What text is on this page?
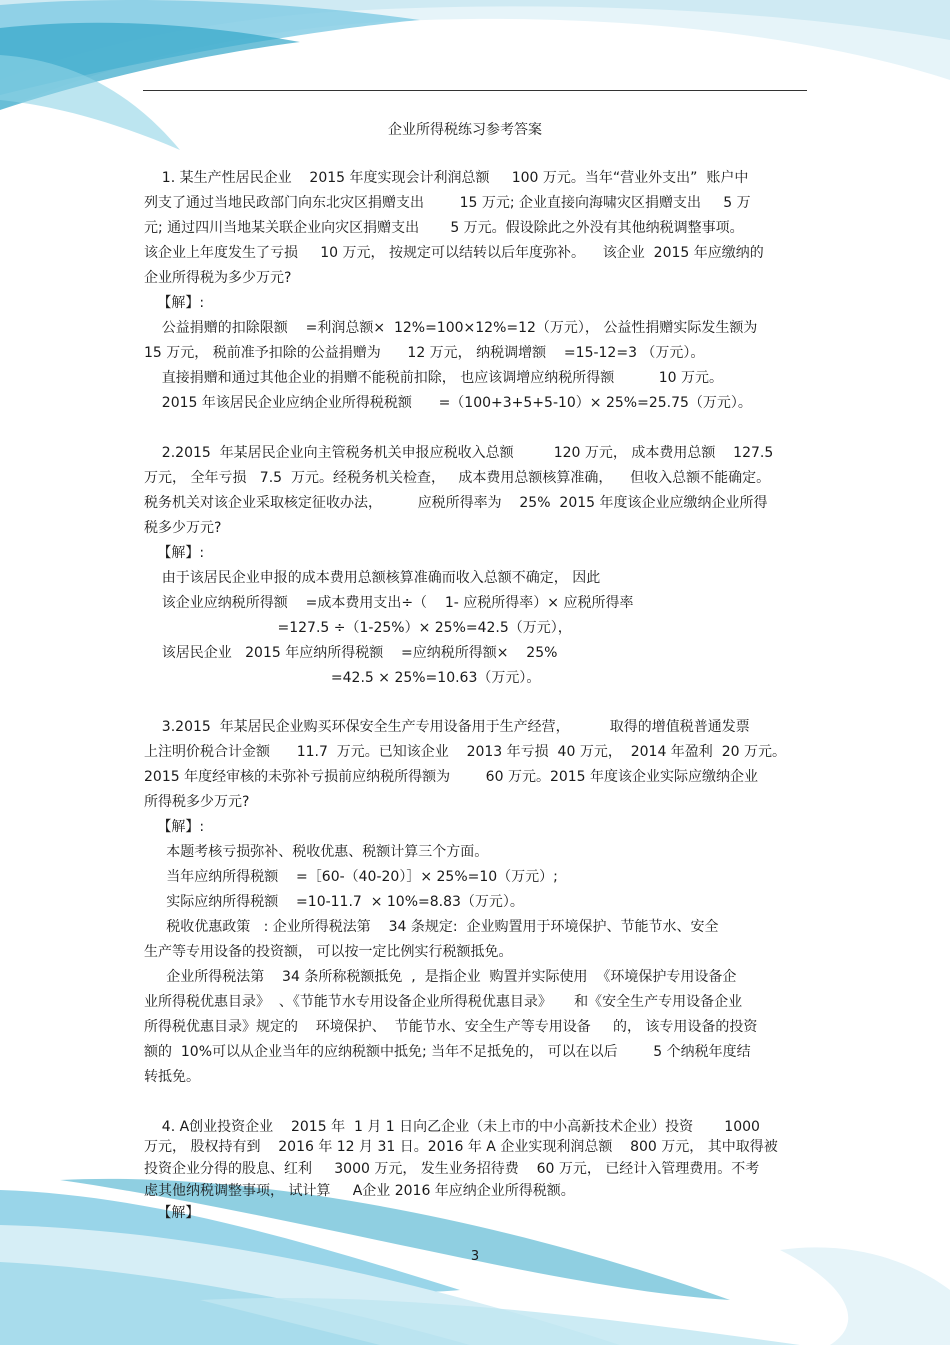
企业所得税练习参考答案
1. 某生产性居民企业    2015 年度实现会计利润总额     100 万元。当年“营业外支出”  账户中
列支了通过当地民政部门向东北灾区捐赠支出        15 万元; 企业直接向海啸灾区捐赠支出     5 万
元; 通过四川当地某关联企业向灾区捐赠支出       5 万元。假设除此之外没有其他纳税调整事项。
该企业上年度发生了亏损     10 万元， 按规定可以结转以后年度弥补。    该企业  2015 年应缴纳的
企业所得税为多少万元?
【解】:
公益捐赠的扣除限额    =利润总额×  12%=100×12%=12（万元）， 公益性捐赠实际发生额为
15 万元， 税前准予扣除的公益捐赠为      12 万元， 纳税调增额    =15-12=3 （万元）。
直接捐赠和通过其他企业的捐赠不能税前扣除， 也应该调增应纳税所得额          10 万元。
2015 年该居民企业应纳企业所得税税额      =（100+3+5+5-10）× 25%=25.75（万元）。
2.2015  年某居民企业向主管税务机关申报应税收入总额         120 万元， 成本费用总额    127.5
万元， 全年亏损   7.5  万元。经税务机关检查，   成本费用总额核算准确，    但收入总额不能确定。
税务机关对该企业采取核定征收办法，        应税所得率为    25%  2015 年度该企业应缴纳企业所得
税多少万元?
【解】:
由于该居民企业申报的成本费用总额核算准确而收入总额不确定， 因此
该企业应纳税所得额    =成本费用支出÷（    1- 应税所得率）× 应税所得率
=127.5 ÷（1-25%）× 25%=42.5（万元），
该居民企业   2015 年应纳所得税额    =应纳税所得额×    25%
=42.5 × 25%=10.63（万元）。
3.2015  年某居民企业购买环保安全生产专用设备用于生产经营，         取得的增值税普通发票
上注明价税合计金额      11.7  万元。已知该企业    2013 年亏损  40 万元，  2014 年盈利  20 万元。
2015 年度经审核的未弥补亏损前应纳税所得额为        60 万元。2015 年度该企业实际应缴纳企业
所得税多少万元?
【解】:
本题考核亏损弥补、税收优惠、税额计算三个方面。
当年应纳所得税额    =［60-（40-20）］× 25%=10（万元）;
实际应纳所得税额    =10-11.7  × 10%=8.83（万元）。
税收优惠政策   : 企业所得税法第    34 条规定:  企业购置用于环境保护、节能节水、安全
生产等专用设备的投资额， 可以按一定比例实行税额抵免。
企业所得税法第    34 条所称税额抵免  ,  是指企业  购置并实际使用  《环境保护专用设备企
业所得税优惠目录》  、《节能节水专用设备企业所得税优惠目录》     和《安全生产专用设备企业
所得税优惠目录》规定的    环境保护、  节能节水、安全生产等专用设备     的， 该专用设备的投资
额的  10%可以从企业当年的应纳税额中抵免; 当年不足抵免的， 可以在以后        5 个纳税年度结
转抵免。
4. A创业投资企业    2015 年  1 月 1 日向乙企业（未上市的中小高新技术企业）投资       1000
万元， 股权持有到    2016 年 12 月 31 日。2016 年 A 企业实现利润总额    800 万元， 其中取得被
投资企业分得的股息、红利     3000 万元， 发生业务招待费    60 万元， 已经计入管理费用。不考
虑其他纳税调整事项， 试计算     A企业 2016 年应纳企业所得税额。
【解】
3
